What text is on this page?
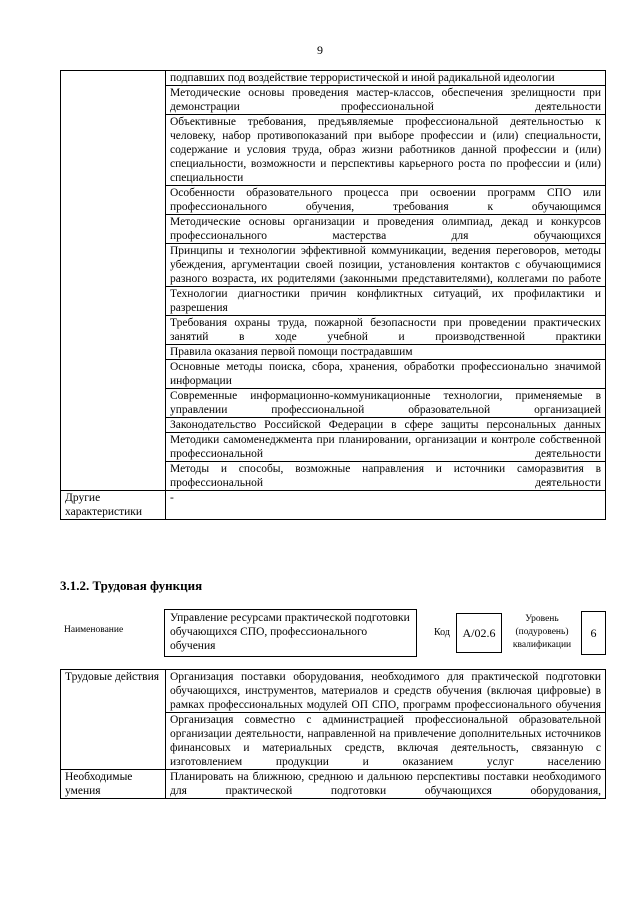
9
	подпавших под воздействие террористической и иной радикальной идеологии
	Методические основы проведения мастер-классов, обеспечения зрелищности при демонстрации профессиональной деятельности
	Объективные требования, предъявляемые профессиональной деятельностью к человеку, набор противопоказаний при выборе профессии и (или) специальности, содержание и условия труда, образ жизни работников данной профессии и (или) специальности, возможности и перспективы карьерного роста по профессии и (или) специальности
	Особенности образовательного процесса при освоении программ СПО или профессионального обучения, требования к обучающимся
	Методические основы организации и проведения олимпиад, декад и конкурсов профессионального мастерства для обучающихся
	Принципы и технологии эффективной коммуникации, ведения переговоров, методы убеждения, аргументации своей позиции, установления контактов с обучающимися разного возраста, их родителями (законными представителями), коллегами по работе
	Технологии диагностики причин конфликтных ситуаций, их профилактики и разрешения
	Требования охраны труда, пожарной безопасности при проведении практических занятий в ходе учебной и производственной практики
	Правила оказания первой помощи пострадавшим
	Основные методы поиска, сбора, хранения, обработки профессионально значимой информации
	Современные информационно-коммуникационные технологии, применяемые в управлении профессиональной образовательной организацией
	Законодательство Российской Федерации в сфере защиты персональных данных
	Методики самоменеджмента при планировании, организации и контроле собственной профессиональной деятельности
	Методы и способы, возможные направления и источники саморазвития в профессиональной деятельности
Другие характеристики	-
3.1.2. Трудовая функция
Наименование
Управление ресурсами практической подготовки обучающихся СПО, профессионального обучения
Код	А/02.6
Уровень (подуровень) квалификации
6
Трудовые действия	Организация поставки оборудования, необходимого для практической подготовки обучающихся, инструментов, материалов и средств обучения (включая цифровые) в рамках профессиональных модулей ОП СПО, программ профессионального обучения
	Организация совместно с администрацией профессиональной образовательной организации деятельности, направленной на привлечение дополнительных источников финансовых и материальных средств, включая деятельность, связанную с изготовлением продукции и оказанием услуг населению
Необходимые умения	Планировать на ближнюю, среднюю и дальнюю перспективы поставки необходимого для практической подготовки обучающихся оборудования,
